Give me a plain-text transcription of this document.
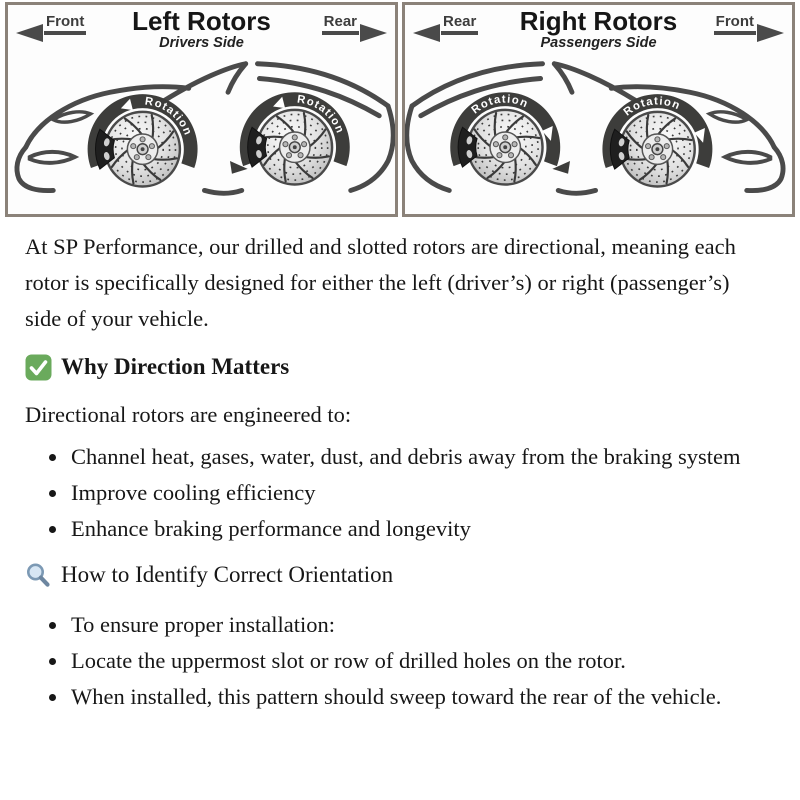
Front	Left Rotors
Drivers Side
Rear
Rotation
Rotation
Rear	Right Rotors
Passengers Side
Front
Rotation	Rotation

At SP Performance, our drilled and slotted rotors are directional, meaning each rotor is specifically designed for either the left (driver’s) or right (passenger’s) side of your vehicle.

Why Direction Matters

Directional rotors are engineered to:

• Channel heat, gases, water, dust, and debris away from the braking system
• Improve cooling efficiency
• Enhance braking performance and longevity
How to Identify Correct Orientation
• To ensure proper installation:
• Locate the uppermost slot or row of drilled holes on the rotor.
• When installed, this pattern should sweep toward the rear of the vehicle.
